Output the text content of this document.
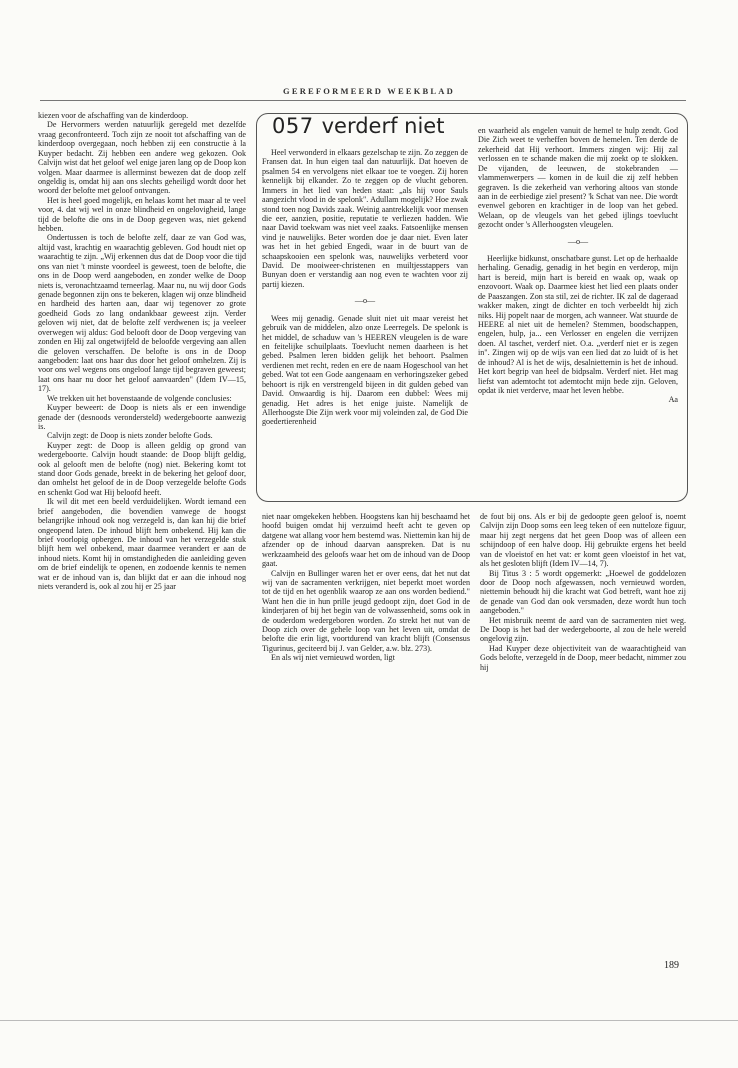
GEREFORMEERD WEEKBLAD

kiezen voor de afschaffing van de kinderdoop.

De Hervormers werden natuurlijk geregeld met dezelfde vraag geconfronteerd. Toch zijn ze nooit tot afschaffing van de kinderdoop overgegaan, noch hebben zij een constructie à la Kuyper bedacht. Zij hebben een andere weg gekozen. Ook Calvijn wist dat het geloof wel enige jaren lang op de Doop kon volgen. Maar daarmee is allerminst bewezen dat de doop zelf ongeldig is, omdat hij aan ons slechts geheiligd wordt door het woord der belofte met geloof ontvangen.

Het is heel goed mogelijk, en helaas komt het maar al te veel voor, 4. dat wij wel in onze blindheid en ongelovigheid, lange tijd de belofte die ons in de Doop gegeven was, niet gekend hebben.

Ondertussen is toch de belofte zelf, daar ze van God was, altijd vast, krachtig en waarachtig gebleven. God houdt niet op waarachtig te zijn. „Wij erkennen dus dat de Doop voor die tijd ons van niet 't minste voordeel is geweest, toen de belofte, die ons in de Doop werd aangeboden, en zonder welke de Doop niets is, veronachtzaamd terneerlag. Maar nu, nu wij door Gods genade begonnen zijn ons te bekeren, klagen wij onze blindheid en hardheid des harten aan, daar wij tegenover zo grote goedheid Gods zo lang ondankbaar geweest zijn. Verder geloven wij niet, dat de belofte zelf verdwenen is; ja veeleer overwegen wij aldus: God belooft door de Doop vergeving van zonden en Hij zal ongetwijfeld de beloofde vergeving aan allen die geloven verschaffen. De belofte is ons in de Doop aangeboden: laat ons haar dus door het geloof omhelzen. Zij is voor ons wel wegens ons ongeloof lange tijd begraven geweest; laat ons haar nu door het geloof aanvaarden" (Idem IV—15, 17).

We trekken uit het bovenstaande de volgende conclusies:

Kuyper beweert: de Doop is niets als er een inwendige genade der (desnoods verondersteld) wedergeboorte aanwezig is.

Calvijn zegt: de Doop is niets zonder belofte Gods.

Kuyper zegt: de Doop is alleen geldig op grond van wedergeboorte. Calvijn houdt staande: de Doop blijft geldig, ook al gelooft men de belofte (nog) niet. Bekering komt tot stand door Gods genade, breekt in de bekering het geloof door, dan omhelst het geloof de in de Doop verzegelde belofte Gods en schenkt God wat Hij beloofd heeft.

Ik wil dit met een beeld verduidelijken. Wordt iemand een brief aangeboden, die bovendien vanwege de hoogst belangrijke inhoud ook nog verzegeld is, dan kan hij die brief ongeopend laten. De inhoud blijft hem onbekend. Hij kan die brief voorlopig opbergen. De inhoud van het verzegelde stuk blijft hem wel onbekend, maar daarmee verandert er aan de inhoud niets. Komt hij in omstandigheden die aanleiding geven om de brief eindelijk te openen, en zodoende kennis te nemen wat er de inhoud van is, dan blijkt dat er aan die inhoud nog niets veranderd is, ook al zou hij er 25 jaar

057 verderf niet

Heel verwonderd in elkaars gezelschap te zijn. Zo zeggen de Fransen dat. In hun eigen taal dan natuurlijk. Dat hoeven de psalmen 54 en vervolgens niet elkaar toe te voegen. Zij horen kennelijk bij elkander. Zo te zeggen op de vlucht geboren. Immers in het lied van heden staat: „als hij voor Sauls aangezicht vlood in de spelonk". Adullam mogelijk? Hoe zwak stond toen nog Davids zaak. Weinig aantrekkelijk voor mensen die eer, aanzien, positie, reputatie te verliezen hadden. Wie naar David toekwam was niet veel zaaks. Fatsoenlijke mensen vind je nauwelijks. Beter worden doe je daar niet. Even later was het in het gebied Engedi, waar in de buurt van de schaapskooien een spelonk was, nauwelijks verbeterd voor David. De mooiweer-christenen en muiltjesstappers van Bunyan doen er verstandig aan nog even te wachten voor zij partij kiezen.

—o—

Wees mij genadig. Genade sluit niet uit maar vereist het gebruik van de middelen, alzo onze Leerregels. De spelonk is het middel, de schaduw van 's HEEREN vleugelen is de ware en feitelijke schuilplaats. Toevlucht nemen daarheen is het gebed. Psalmen leren bidden gelijk het behoort. Psalmen verdienen met recht, reden en ere de naam Hogeschool van het gebed. Wat tot een Gode aangenaam en verhoringszeker gebed behoort is rijk en verstrengeld bijeen in dit gulden gebed van David. Onwaardig is hij. Daarom een dubbel: Wees mij genadig. Het adres is het enige juiste. Namelijk de Allerhoogste Die Zijn werk voor mij voleinden zal, de God Die goedertierenheid

en waarheid als engelen vanuit de hemel te hulp zendt. God Die Zich weet te verheffen boven de hemelen. Ten derde de zekerheid dat Hij verhoort. Immers zingen wij: Hij zal verlossen en te schande maken die mij zoekt op te slokken. De vijanden, de leeuwen, de stokebranden — vlammenwerpers — komen in de kuil die zij zelf hebben gegraven. Is die zekerheid van verhoring altoos van stonde aan in de eerbiedige ziel present? 'k Schat van nee. Die wordt evenwel geboren en krachtiger in de loop van het gebed. Welaan, op de vleugels van het gebed ijlings toevlucht gezocht onder 's Allerhoogsten vleugelen.

—o—

Heerlijke bidkunst, onschatbare gunst. Let op de herhaalde herhaling. Genadig, genadig in het begin en verderop, mijn hart is bereid, mijn hart is bereid en waak op, waak op enzovoort. Waak op. Daarmee kiest het lied een plaats onder de Paaszangen. Zon sta stil, zei de richter. IK zal de dageraad wakker maken, zingt de dichter en toch verbeeldt hij zich niks. Hij popelt naar de morgen, ach wanneer. Wat stuurde de HEERE al niet uit de hemelen? Stemmen, boodschappen, engelen, hulp, ja... een Verlosser en engelen die verrijzen doen. Al taschet, verderf niet. O.a. „verderf niet er is zegen in". Zingen wij op de wijs van een lied dat zo luidt of is het de inhoud? Al is het de wijs, desalniettemin is het de inhoud. Het kort begrip van heel de bidpsalm. Verderf niet. Het mag liefst van ademtocht tot ademtocht mijn bede zijn. Geloven, opdat ik niet verderve, maar het leven hebbe.

Aa

niet naar omgekeken hebben. Hoogstens kan hij beschaamd het hoofd buigen omdat hij verzuimd heeft acht te geven op datgene wat allang voor hem bestemd was. Niettemin kan hij de afzender op de inhoud daarvan aanspreken. Dat is nu werkzaamheid des geloofs waar het om de inhoud van de Doop gaat.

Calvijn en Bullinger waren het er over eens, dat het nut dat wij van de sacramenten verkrijgen, niet beperkt moet worden tot de tijd en het ogenblik waarop ze aan ons worden bediend." Want hen die in hun prille jeugd gedoopt zijn, doet God in de kinderjaren of bij het begin van de volwassenheid, soms ook in de ouderdom wedergeboren worden. Zo strekt het nut van de Doop zich over de gehele loop van het leven uit, omdat de belofte die erin ligt, voortdurend van kracht blijft (Consensus Tigurinus, geciteerd bij J. van Gelder, a.w. blz. 273).

En als wij niet vernieuwd worden, ligt

de fout bij ons. Als er bij de gedoopte geen geloof is, noemt Calvijn zijn Doop soms een leeg teken of een nutteloze figuur, maar hij zegt nergens dat het geen Doop was of alleen een schijndoop of een halve doop. Hij gebruikte ergens het beeld van de vloeistof en het vat: er komt geen vloeistof in het vat, als het gesloten blijft (Idem IV—14, 7).

Bij Titus 3 : 5 wordt opgemerkt: „Hoewel de goddelozen door de Doop noch afgewassen, noch vernieuwd worden, niettemin behoudt hij die kracht wat God betreft, want hoe zij de genade van God dan ook versmaden, deze wordt hun toch aangeboden."

Het misbruik neemt de aard van de sacramenten niet weg. De Doop is het bad der wedergeboorte, al zou de hele wereld ongelovig zijn.

Had Kuyper deze objectiviteit van de waarachtigheid van Gods belofte, verzegeld in de Doop, meer bedacht, nimmer zou hij

189
